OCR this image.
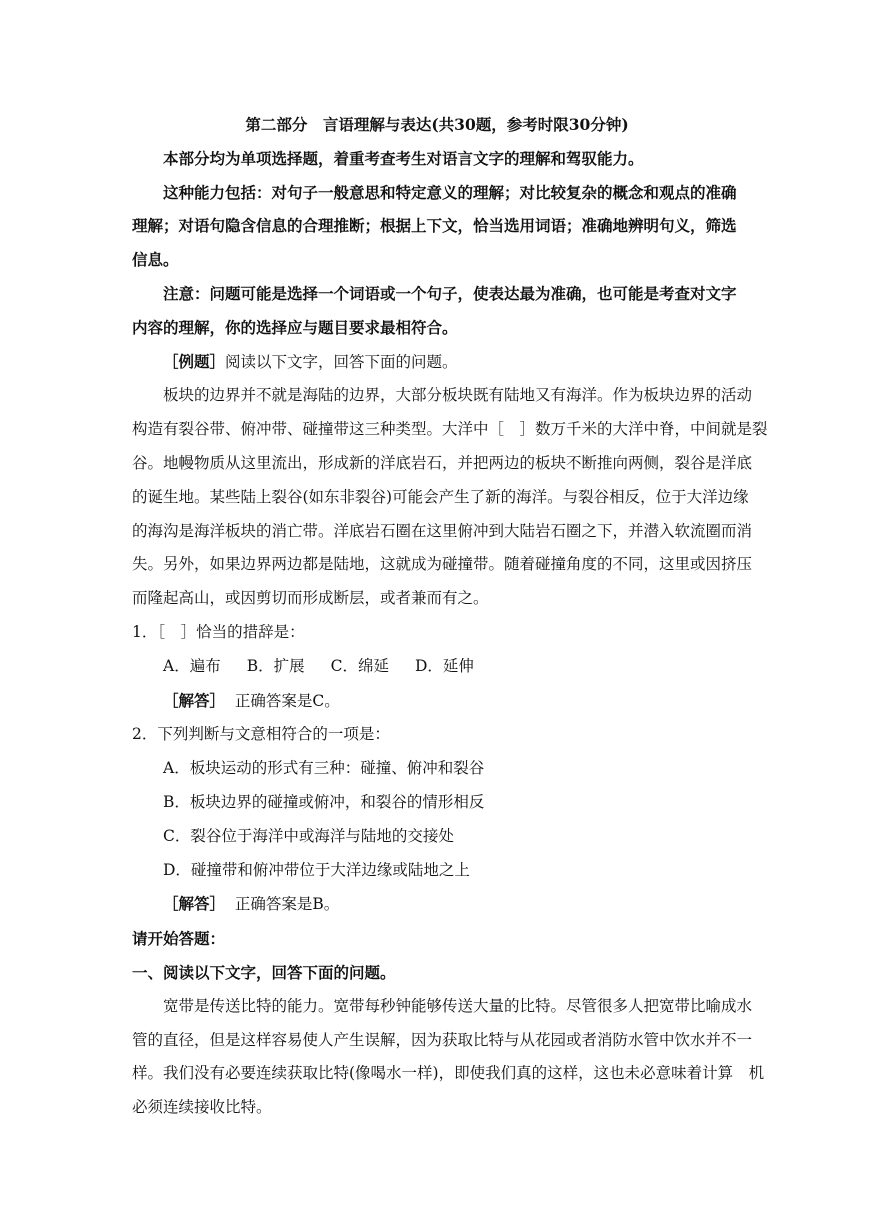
第二部分　言语理解与表达(共30题，参考时限30分钟)
本部分均为单项选择题，着重考查考生对语言文字的理解和驾驭能力。
这种能力包括：对句子一般意思和特定意义的理解；对比较复杂的概念和观点的准确
理解；对语句隐含信息的合理推断；根据上下文，恰当选用词语；准确地辨明句义，筛选
信息。
注意：问题可能是选择一个词语或一个句子，使表达最为准确，也可能是考查对文字
内容的理解，你的选择应与题目要求最相符合。
［例题］阅读以下文字，回答下面的问题。
板块的边界并不就是海陆的边界，大部分板块既有陆地又有海洋。作为板块边界的活动
构造有裂谷带、俯冲带、碰撞带这三种类型。大洋中［　］数万千米的大洋中脊，中间就是裂
谷。地幔物质从这里流出，形成新的洋底岩石，并把两边的板块不断推向两侧，裂谷是洋底
的诞生地。某些陆上裂谷(如东非裂谷)可能会产生了新的海洋。与裂谷相反，位于大洋边缘
的海沟是海洋板块的消亡带。洋底岩石圈在这里俯冲到大陆岩石圈之下，并潜入软流圈而消
失。另外，如果边界两边都是陆地，这就成为碰撞带。随着碰撞角度的不同，这里或因挤压
而隆起高山，或因剪切而形成断层，或者兼而有之。
1．［　］恰当的措辞是：
A．遍布 B．扩展 C．绵延 D．延伸
［解答］ 正确答案是C。
2．下列判断与文意相符合的一项是：
A．板块运动的形式有三种：碰撞、俯冲和裂谷
B．板块边界的碰撞或俯冲，和裂谷的情形相反
C．裂谷位于海洋中或海洋与陆地的交接处
D．碰撞带和俯冲带位于大洋边缘或陆地之上
［解答］ 正确答案是B。
请开始答题：
一、阅读以下文字，回答下面的问题。
宽带是传送比特的能力。宽带每秒钟能够传送大量的比特。尽管很多人把宽带比喻成水
管的直径，但是这样容易使人产生误解，因为获取比特与从花园或者消防水管中饮水并不一
样。我们没有必要连续获取比特(像喝水一样)，即使我们真的这样，这也未必意味着计算　机
必须连续接收比特。
